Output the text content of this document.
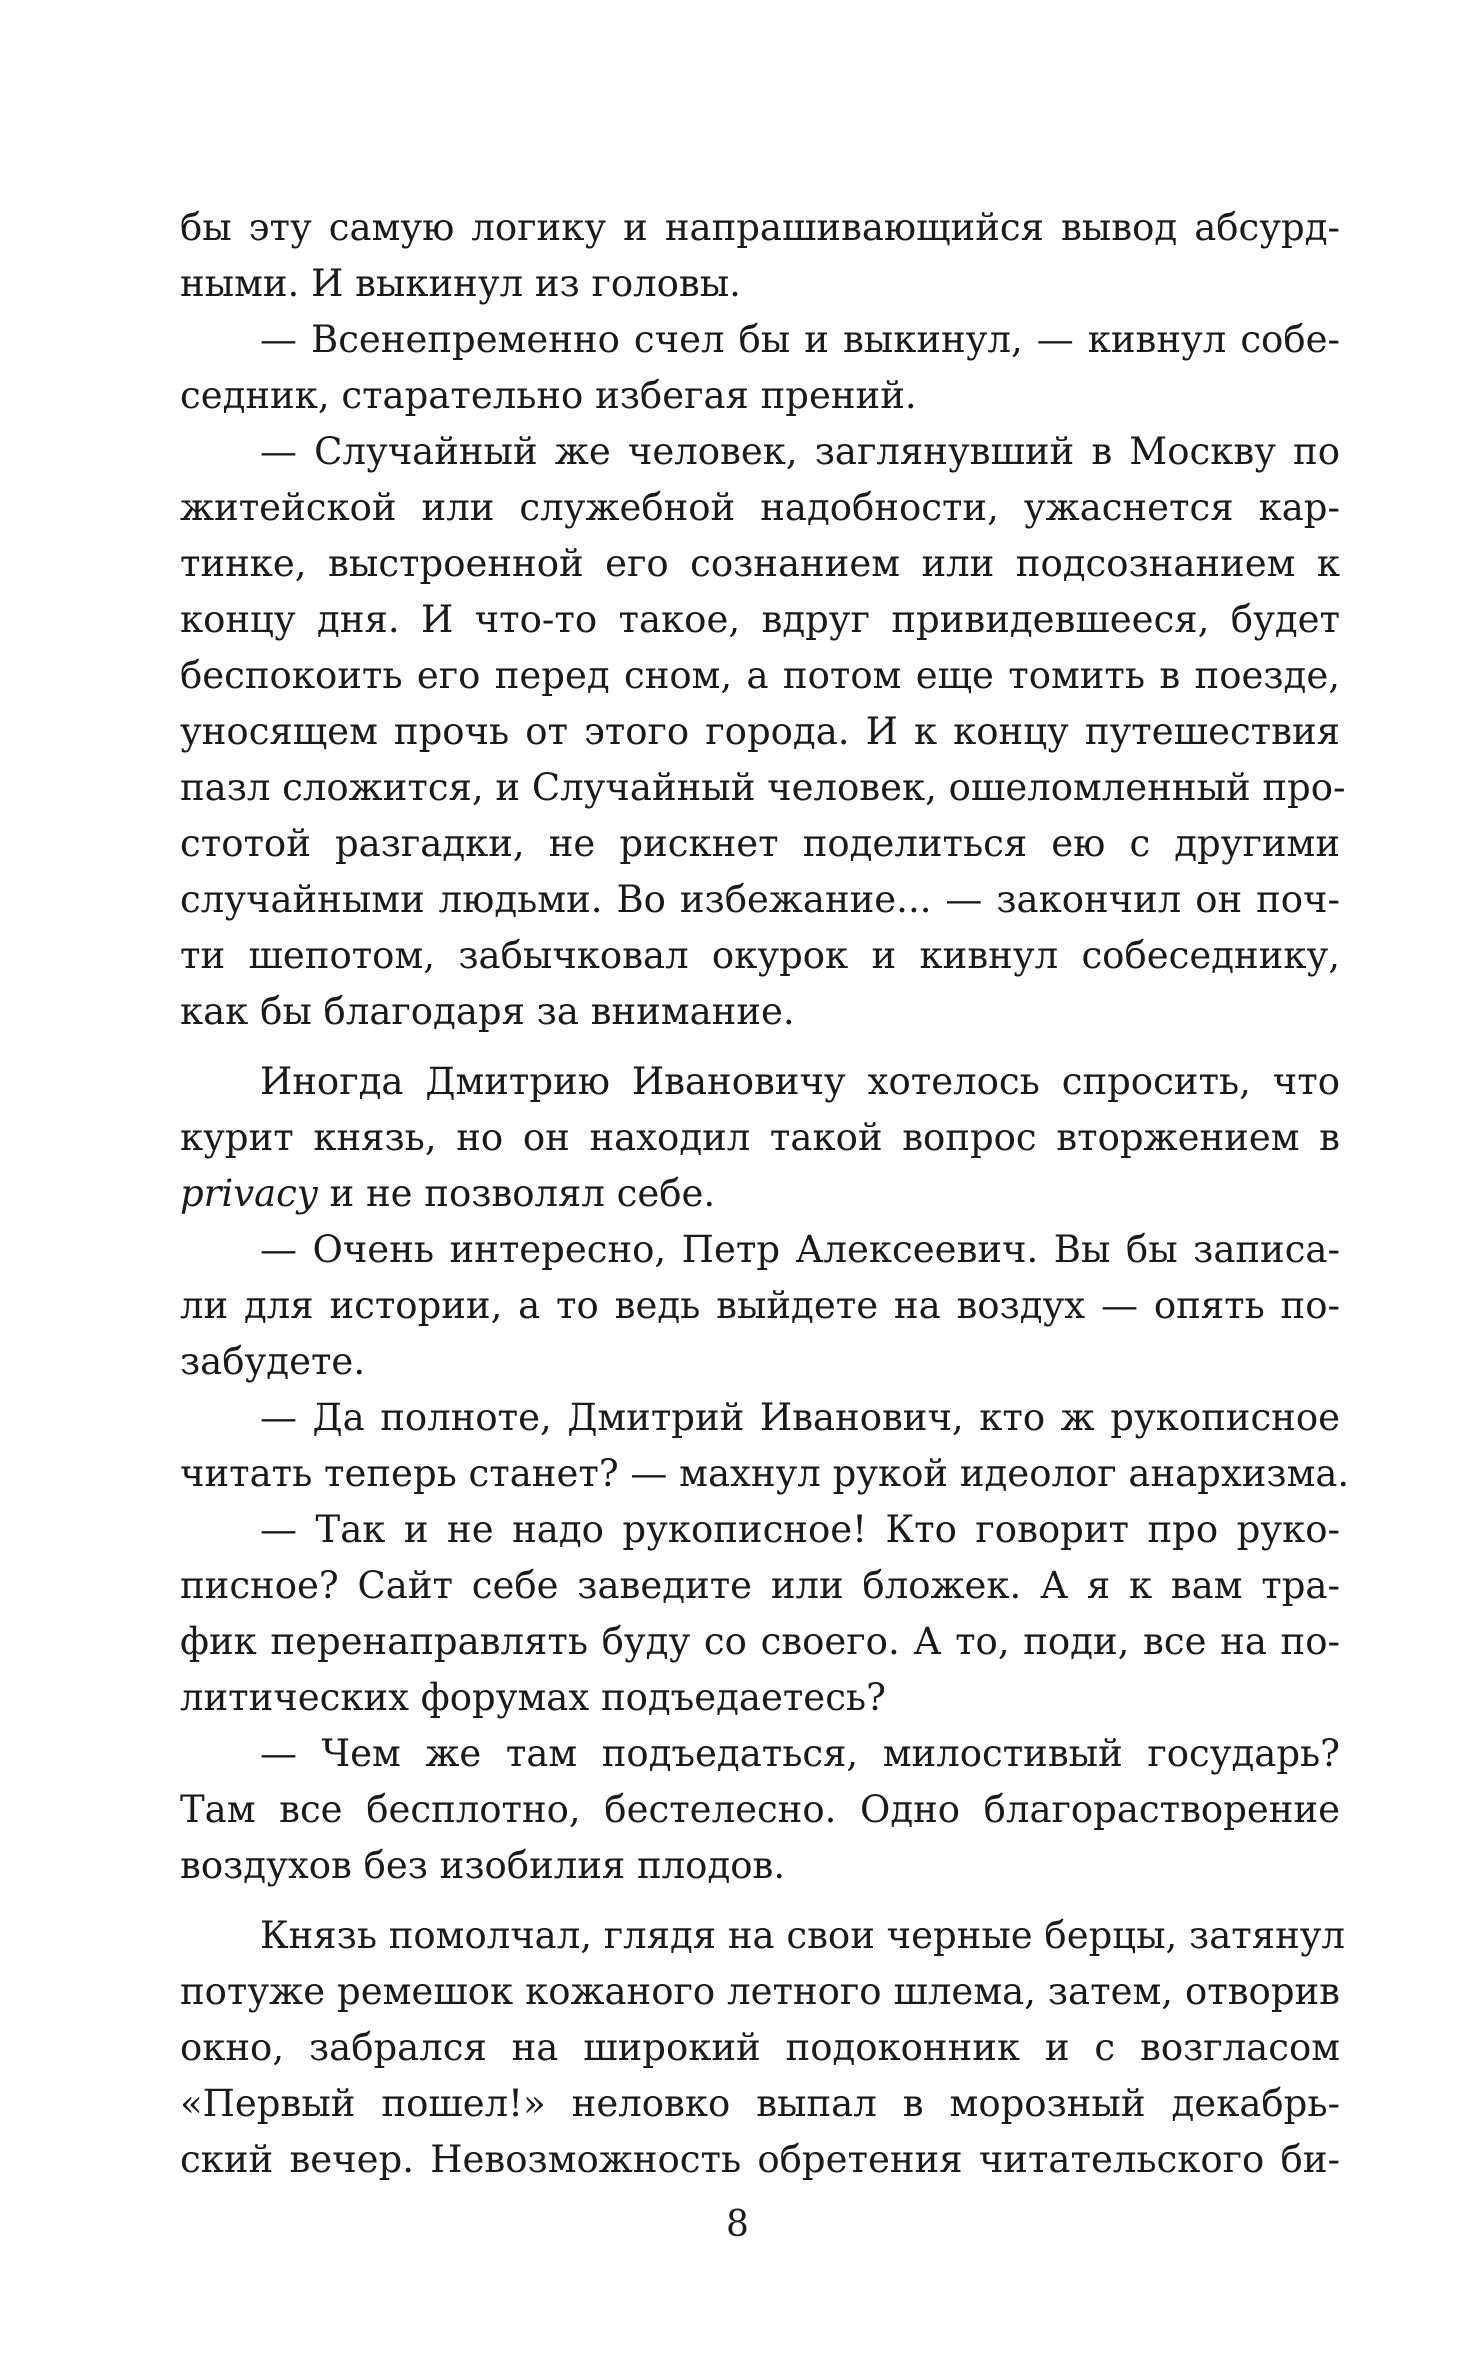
бы эту самую логику и напрашивающийся вывод абсурд-
ными. И выкинул из головы.
— Всенепременно счел бы и выкинул, — кивнул собе-
седник, старательно избегая прений.
— Случайный же человек, заглянувший в Москву по
житейской или служебной надобности, ужаснется кар-
тинке, выстроенной его сознанием или подсознанием к
концу дня. И что-то такое, вдруг привидевшееся, будет
беспокоить его перед сном, а потом еще томить в поезде,
уносящем прочь от этого города. И к концу путешествия
пазл сложится, и Случайный человек, ошеломленный про-
стотой разгадки, не рискнет поделиться ею с другими
случайными людьми. Во избежание... — закончил он поч-
ти шепотом, забычковал окурок и кивнул собеседнику,
как бы благодаря за внимание.
Иногда Дмитрию Ивановичу хотелось спросить, что
курит князь, но он находил такой вопрос вторжением в
privacy и не позволял себе.
— Очень интересно, Петр Алексеевич. Вы бы записа-
ли для истории, а то ведь выйдете на воздух — опять по-
забудете.
— Да полноте, Дмитрий Иванович, кто ж рукописное
читать теперь станет? — махнул рукой идеолог анархизма.
— Так и не надо рукописное! Кто говорит про руко-
писное? Сайт себе заведите или бложек. А я к вам тра-
фик перенаправлять буду со своего. А то, поди, все на по-
литических форумах подъедаетесь?
— Чем же там подъедаться, милостивый государь?
Там все бесплотно, бестелесно. Одно благорастворение
воздухов без изобилия плодов.
Князь помолчал, глядя на свои черные берцы, затянул
потуже ремешок кожаного летного шлема, затем, отворив
окно, забрался на широкий подоконник и с возгласом
«Первый пошел!» неловко выпал в морозный декабрь-
ский вечер. Невозможность обретения читательского би-
8
